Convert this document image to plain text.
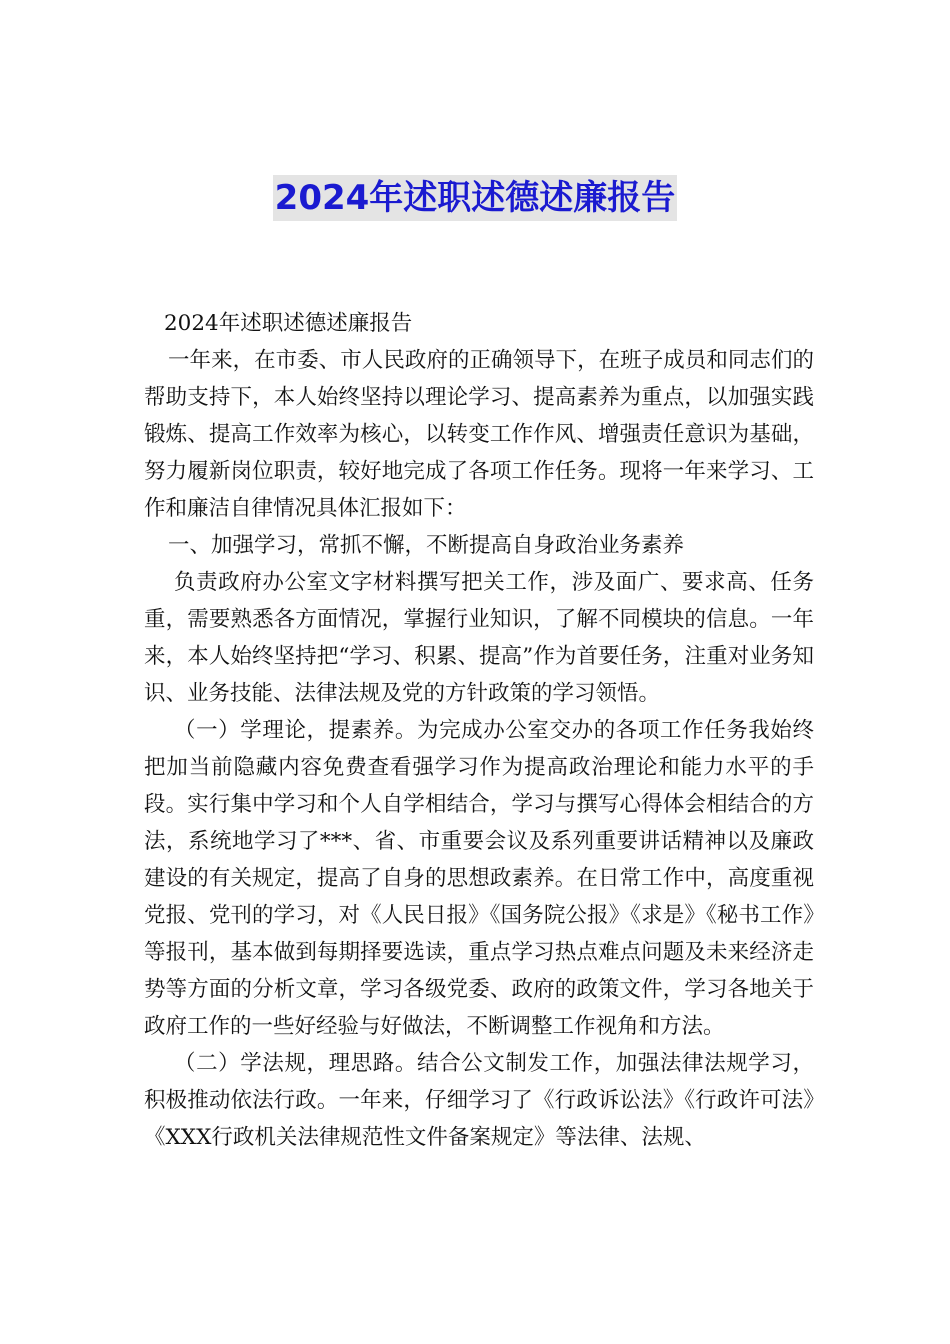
2024年述职述德述廉报告

2024年述职述德述廉报告

一年来，在市委、市人民政府的正确领导下，在班子成员和同志们的帮助支持下，本人始终坚持以理论学习、提高素养为重点，以加强实践锻炼、提高工作效率为核心，以转变工作作风、增强责任意识为基础，努力履新岗位职责，较好地完成了各项工作任务。现将一年来学习、工作和廉洁自律情况具体汇报如下：

一、加强学习，常抓不懈，不断提高自身政治业务素养

负责政府办公室文字材料撰写把关工作，涉及面广、要求高、任务重，需要熟悉各方面情况，掌握行业知识，了解不同模块的信息。一年来，本人始终坚持把“学习、积累、提高”作为首要任务，注重对业务知识、业务技能、法律法规及党的方针政策的学习领悟。

（一）学理论，提素养。为完成办公室交办的各项工作任务我始终把加当前隐藏内容免费查看强学习作为提高政治理论和能力水平的手段。实行集中学习和个人自学相结合，学习与撰写心得体会相结合的方法，系统地学习了***、省、市重要会议及系列重要讲话精神以及廉政建设的有关规定，提高了自身的思想政素养。在日常工作中，高度重视党报、党刊的学习，对《人民日报》《国务院公报》《求是》《秘书工作》等报刊，基本做到每期择要选读，重点学习热点难点问题及未来经济走势等方面的分析文章，学习各级党委、政府的政策文件，学习各地关于政府工作的一些好经验与好做法，不断调整工作视角和方法。

（二）学法规，理思路。结合公文制发工作，加强法律法规学习，积极推动依法行政。一年来，仔细学习了《行政诉讼法》《行政许可法》《XXX行政机关法律规范性文件备案规定》等法律、法规、
